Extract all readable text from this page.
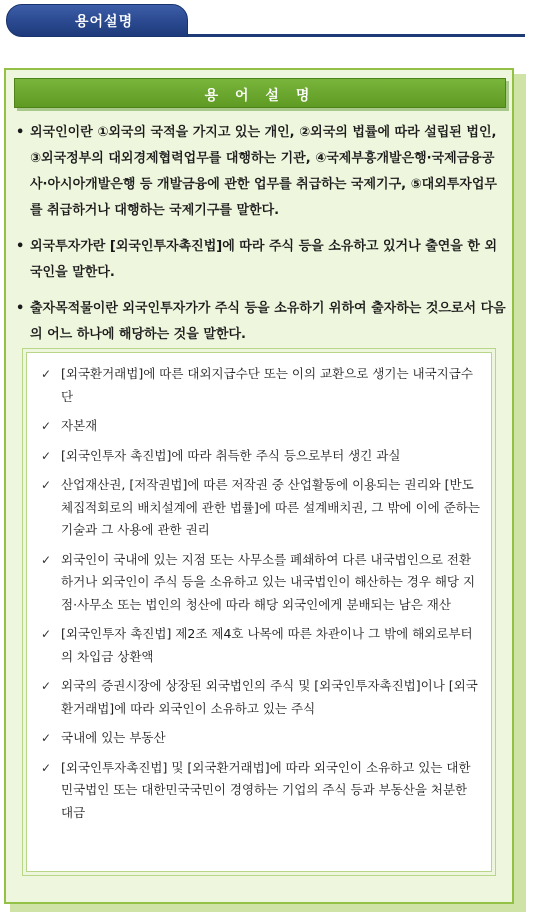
용어설명
용 어 설 명
• 외국인이란 ①외국의 국적을 가지고 있는 개인, ②외국의 법률에 따라 설립된 법인, ③외국정부의 대외경제협력업무를 대행하는 기관, ④국제부흥개발은행·국제금융공사·아시아개발은행 등 개발금융에 관한 업무를 취급하는 국제기구, ⑤대외투자업무를 취급하거나 대행하는 국제기구를 말한다.
• 외국투자가란 [외국인투자촉진법]에 따라 주식 등을 소유하고 있거나 출연을 한 외국인을 말한다.
• 출자목적물이란 외국인투자가가 주식 등을 소유하기 위하여 출자하는 것으로서 다음의 어느 하나에 해당하는 것을 말한다.
✓ [외국환거래법]에 따른 대외지급수단 또는 이의 교환으로 생기는 내국지급수단
✓ 자본재
✓ [외국인투자 촉진법]에 따라 취득한 주식 등으로부터 생긴 과실
✓ 산업재산권, [저작권법]에 따른 저작권 중 산업활동에 이용되는 권리와 [반도체집적회로의 배치설계에 관한 법률]에 따른 설계배치권, 그 밖에 이에 준하는 기술과 그 사용에 관한 권리
✓ 외국인이 국내에 있는 지점 또는 사무소를 폐쇄하여 다른 내국법인으로 전환하거나 외국인이 주식 등을 소유하고 있는 내국법인이 해산하는 경우 해당 지점·사무소 또는 법인의 청산에 따라 해당 외국인에게 분배되는 남은 재산
✓ [외국인투자 촉진법] 제2조 제4호 나목에 따른 차관이나 그 밖에 해외로부터의 차입금 상환액
✓ 외국의 증권시장에 상장된 외국법인의 주식 및 [외국인투자촉진법]이나 [외국환거래법]에 따라 외국인이 소유하고 있는 주식
✓ 국내에 있는 부동산
✓ [외국인투자촉진법] 및 [외국환거래법]에 따라 외국인이 소유하고 있는 대한민국법인 또는 대한민국국민이 경영하는 기업의 주식 등과 부동산을 처분한 대금
